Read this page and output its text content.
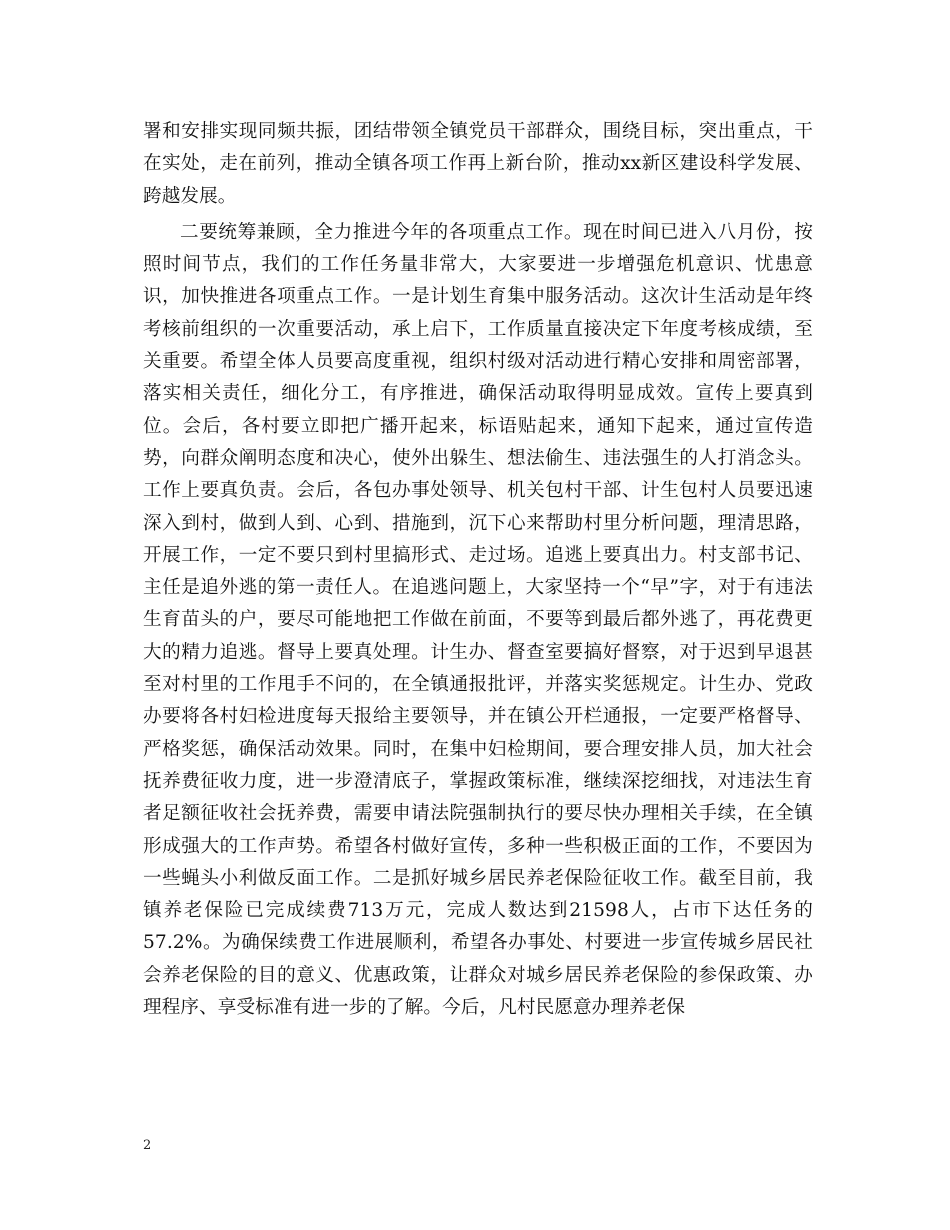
署和安排实现同频共振，团结带领全镇党员干部群众，围绕目标，突出重点，干在实处，走在前列，推动全镇各项工作再上新台阶，推动xx新区建设科学发展、跨越发展。

二要统筹兼顾，全力推进今年的各项重点工作。现在时间已进入八月份，按照时间节点，我们的工作任务量非常大，大家要进一步增强危机意识、忧患意识，加快推进各项重点工作。一是计划生育集中服务活动。这次计生活动是年终考核前组织的一次重要活动，承上启下，工作质量直接决定下年度考核成绩，至关重要。希望全体人员要高度重视，组织村级对活动进行精心安排和周密部署，落实相关责任，细化分工，有序推进，确保活动取得明显成效。宣传上要真到位。会后，各村要立即把广播开起来，标语贴起来，通知下起来，通过宣传造势，向群众阐明态度和决心，使外出躲生、想法偷生、违法强生的人打消念头。工作上要真负责。会后，各包办事处领导、机关包村干部、计生包村人员要迅速深入到村，做到人到、心到、措施到，沉下心来帮助村里分析问题，理清思路，开展工作，一定不要只到村里搞形式、走过场。追逃上要真出力。村支部书记、主任是追外逃的第一责任人。在追逃问题上，大家坚持一个“早”字，对于有违法生育苗头的户，要尽可能地把工作做在前面，不要等到最后都外逃了，再花费更大的精力追逃。督导上要真处理。计生办、督查室要搞好督察，对于迟到早退甚至对村里的工作甩手不问的，在全镇通报批评，并落实奖惩规定。计生办、党政办要将各村妇检进度每天报给主要领导，并在镇公开栏通报，一定要严格督导、严格奖惩，确保活动效果。同时，在集中妇检期间，要合理安排人员，加大社会抚养费征收力度，进一步澄清底子，掌握政策标准，继续深挖细找，对违法生育者足额征收社会抚养费，需要申请法院强制执行的要尽快办理相关手续，在全镇形成强大的工作声势。希望各村做好宣传，多种一些积极正面的工作，不要因为一些蝇头小利做反面工作。二是抓好城乡居民养老保险征收工作。截至目前，我镇养老保险已完成续费713万元，完成人数达到21598人，占市下达任务的57.2%。为确保续费工作进展顺利，希望各办事处、村要进一步宣传城乡居民社会养老保险的目的意义、优惠政策，让群众对城乡居民养老保险的参保政策、办理程序、享受标准有进一步的了解。今后，凡村民愿意办理养老保

2
